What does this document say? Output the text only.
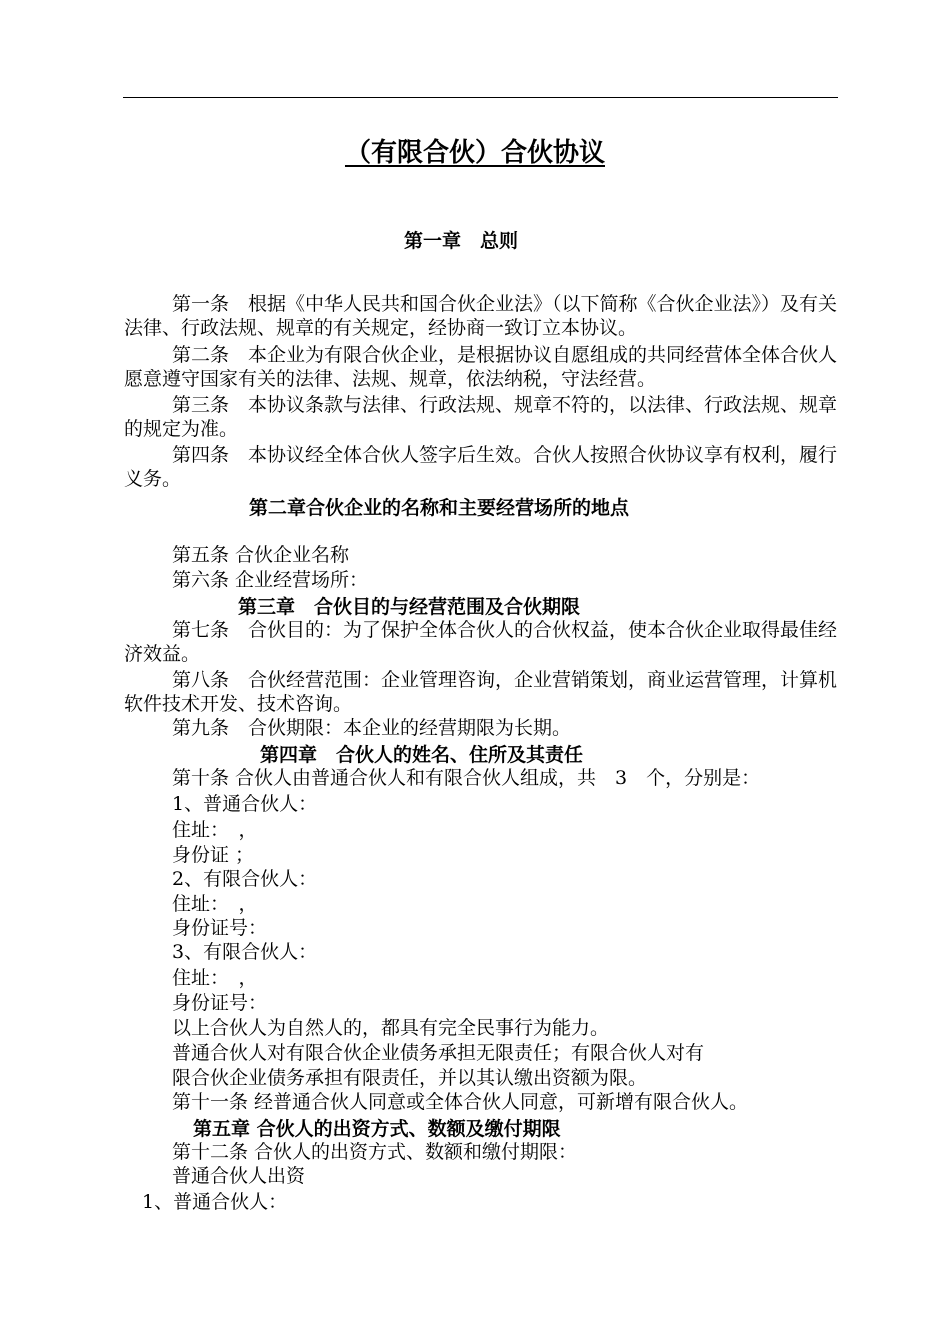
（有限合伙）合伙协议
第一章　总则
第一条　根据《中华人民共和国合伙企业法》（以下简称《合伙企业法》）及有关法律、行政法规、规章的有关规定，经协商一致订立本协议。
第二条　本企业为有限合伙企业，是根据协议自愿组成的共同经营体全体合伙人愿意遵守国家有关的法律、法规、规章，依法纳税，守法经营。
第三条　本协议条款与法律、行政法规、规章不符的，以法律、行政法规、规章的规定为准。
第四条　本协议经全体合伙人签字后生效。合伙人按照合伙协议享有权利，履行义务。
第二章合伙企业的名称和主要经营场所的地点
第五条 合伙企业名称
第六条 企业经营场所：
第三章　合伙目的与经营范围及合伙期限
第七条　合伙目的：为了保护全体合伙人的合伙权益，使本合伙企业取得最佳经济效益。
第八条　合伙经营范围：企业管理咨询，企业营销策划，商业运营管理，计算机软件技术开发、技术咨询。
第九条　合伙期限：本企业的经营期限为长期。
第四章　合伙人的姓名、住所及其责任
第十条 合伙人由普通合伙人和有限合伙人组成，共　3　个，分别是：
1、普通合伙人：
住址：　，
身份证 ；
2、有限合伙人：
住址：　，
身份证号：
3、有限合伙人：
住址：　，
身份证号：
以上合伙人为自然人的，都具有完全民事行为能力。
普通合伙人对有限合伙企业债务承担无限责任；有限合伙人对有
限合伙企业债务承担有限责任，并以其认缴出资额为限。
第十一条 经普通合伙人同意或全体合伙人同意，可新增有限合伙人。
第五章 合伙人的出资方式、数额及缴付期限
第十二条 合伙人的出资方式、数额和缴付期限：
普通合伙人出资
1、普通合伙人：
